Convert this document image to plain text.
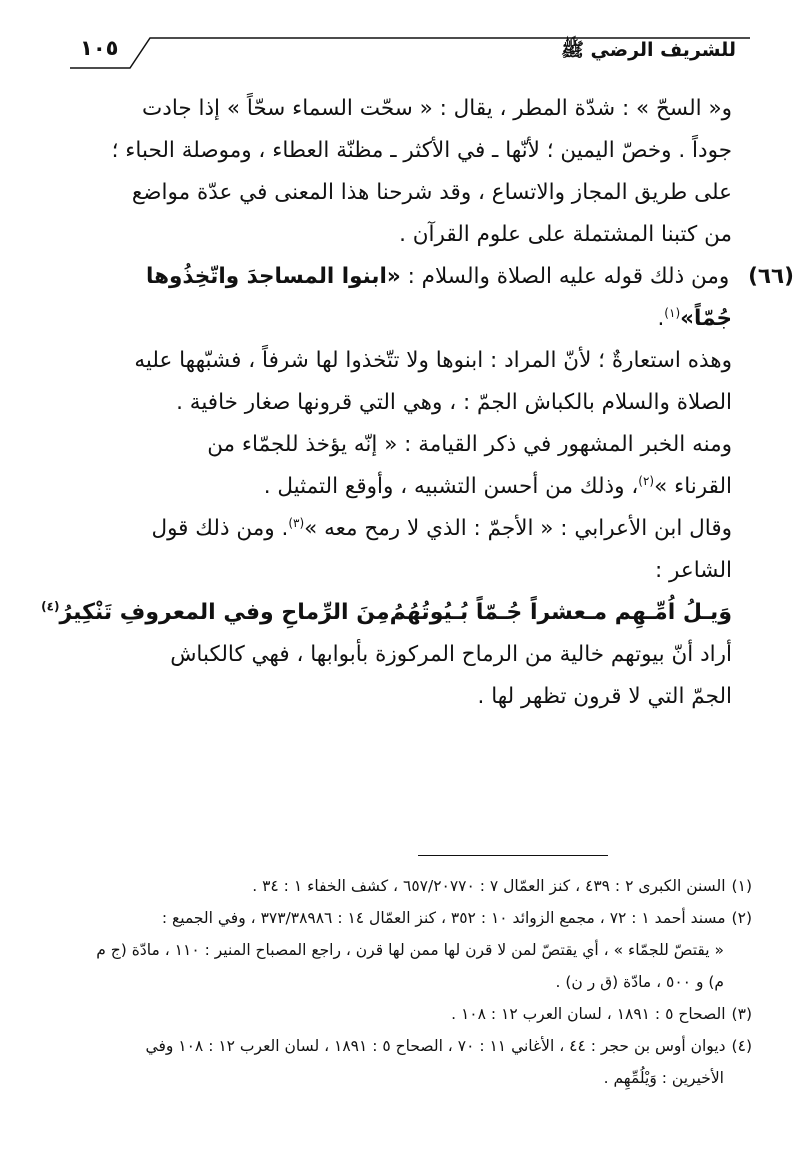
للشريف الرضي ﷺ
١٠٥

و« السحّ » : شدّة المطر ، يقال : « سحّت السماء سحّاً » إذا جادت

جوداً . وخصّ اليمين ؛ لأنّها ـ في الأكثر ـ مظنّة العطاء ، وموصلة الحباء ؛

على طريق المجاز والاتساع ، وقد شرحنا هذا المعنى في عدّة مواضع

من كتبنا المشتملة على علوم القرآن .

(٦٦) ومن ذلك قوله عليه الصلاة والسلام : «ابنوا المساجدَ واتّخِذُوها

جُمّاً»$^{(١)}$.

وهذه استعارةٌ ؛ لأنّ المراد : ابنوها ولا تتّخذوا لها شرفاً ، فشبّهها عليه

الصلاة والسلام بالكباش الجمّ : ، وهي التي قرونها صغار خافية .

ومنه الخبر المشهور في ذكر القيامة : « إنّه يؤخذ للجمّاء من

القرناء »$^{(٢)}$، وذلك من أحسن التشبيه ، وأوقع التمثيل .

وقال ابن الأعرابي : « الأجمّ : الذي لا رمح معه »$^{(٣)}$. ومن ذلك قول

الشاعر :

وَيـلُ اُمِّـهِم مـعشراً جُـمّاً بُـيُوتُهُمُ
مِنَ الرِّماحِ وفي المعروفِ تَنْكِيرُ$^{(٤)}$

أراد أنّ بيوتهم خالية من الرماح المركوزة بأبوابها ، فهي كالكباش

الجمّ التي لا قرون تظهر لها .

(١)السنن الكبرى ٢ : ٤٣٩ ، كنز العمّال ٧ : ٦٥٧/٢٠٧٧٠ ، كشف الخفاء ١ : ٣٤ .

(٢)مسند أحمد ١ : ٧٢ ، مجمع الزوائد ١٠ : ٣٥٢ ، كنز العمّال ١٤ : ٣٧٣/٣٨٩٨٦ ، وفي الجميع :

« يقتصّ للجمّاء » ، أي يقتصّ لمن لا قرن لها ممن لها قرن ، راجع المصباح المنير : ١١٠ ، مادّة (ج م

م) و ٥٠٠ ، مادّة (ق ر ن) .

(٣)الصحاح ٥ : ١٨٩١ ، لسان العرب ١٢ : ١٠٨ .

(٤)ديوان أوس بن حجر : ٤٤ ، الأغاني ١١ : ٧٠ ، الصحاح ٥ : ١٨٩١ ، لسان العرب ١٢ : ١٠٨ وفي

الأخيرين : وَيْلُمِّهِم .
